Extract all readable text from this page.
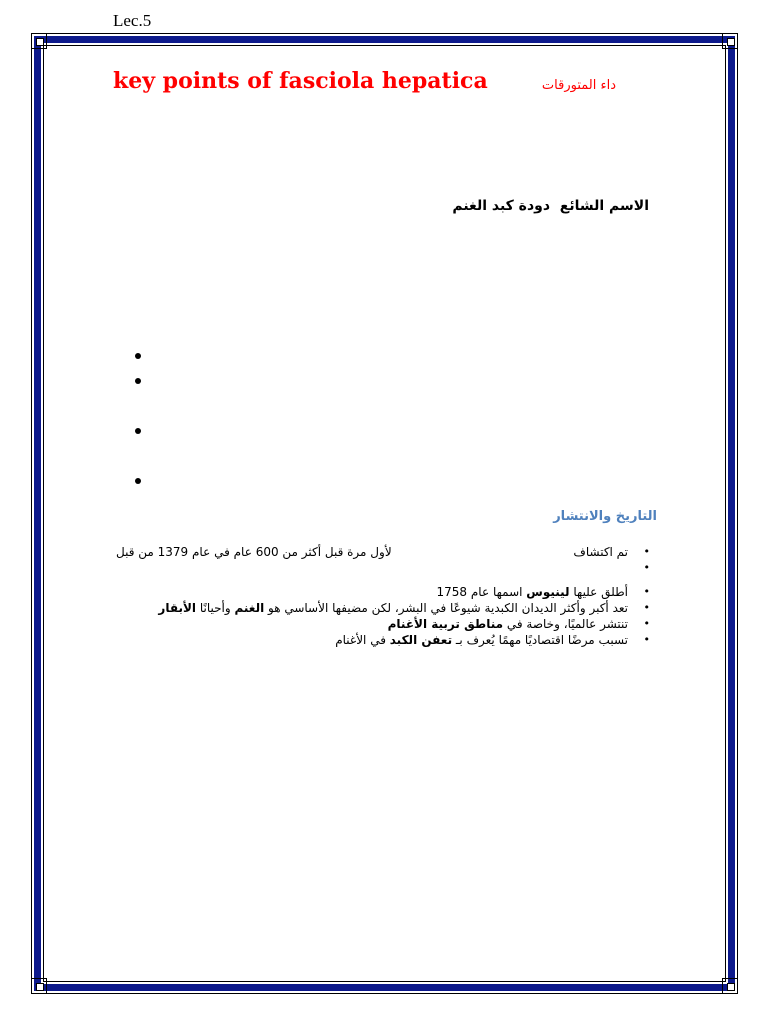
Lec.5
key points of fasciola hepatica	داء المتورقات
الاسم الشائع  دودة كبد الغنم
التاريخ والانتشار
• تم اكتشاف
لأول مرة قبل أكثر من 600 عام في عام 1379 من قبل
•
• أطلق عليها لينيوس اسمها عام 1758
• تعد أكبر وأكثر الديدان الكبدية شيوعًا في البشر، لكن مضيفها الأساسي هو الغنم وأحيانًا الأبقار
• تنتشر عالميًا، وخاصة في مناطق تربية الأغنام
• تسبب مرضًا اقتصاديًا مهمًا يُعرف بـ تعفن الكبد في الأغنام
